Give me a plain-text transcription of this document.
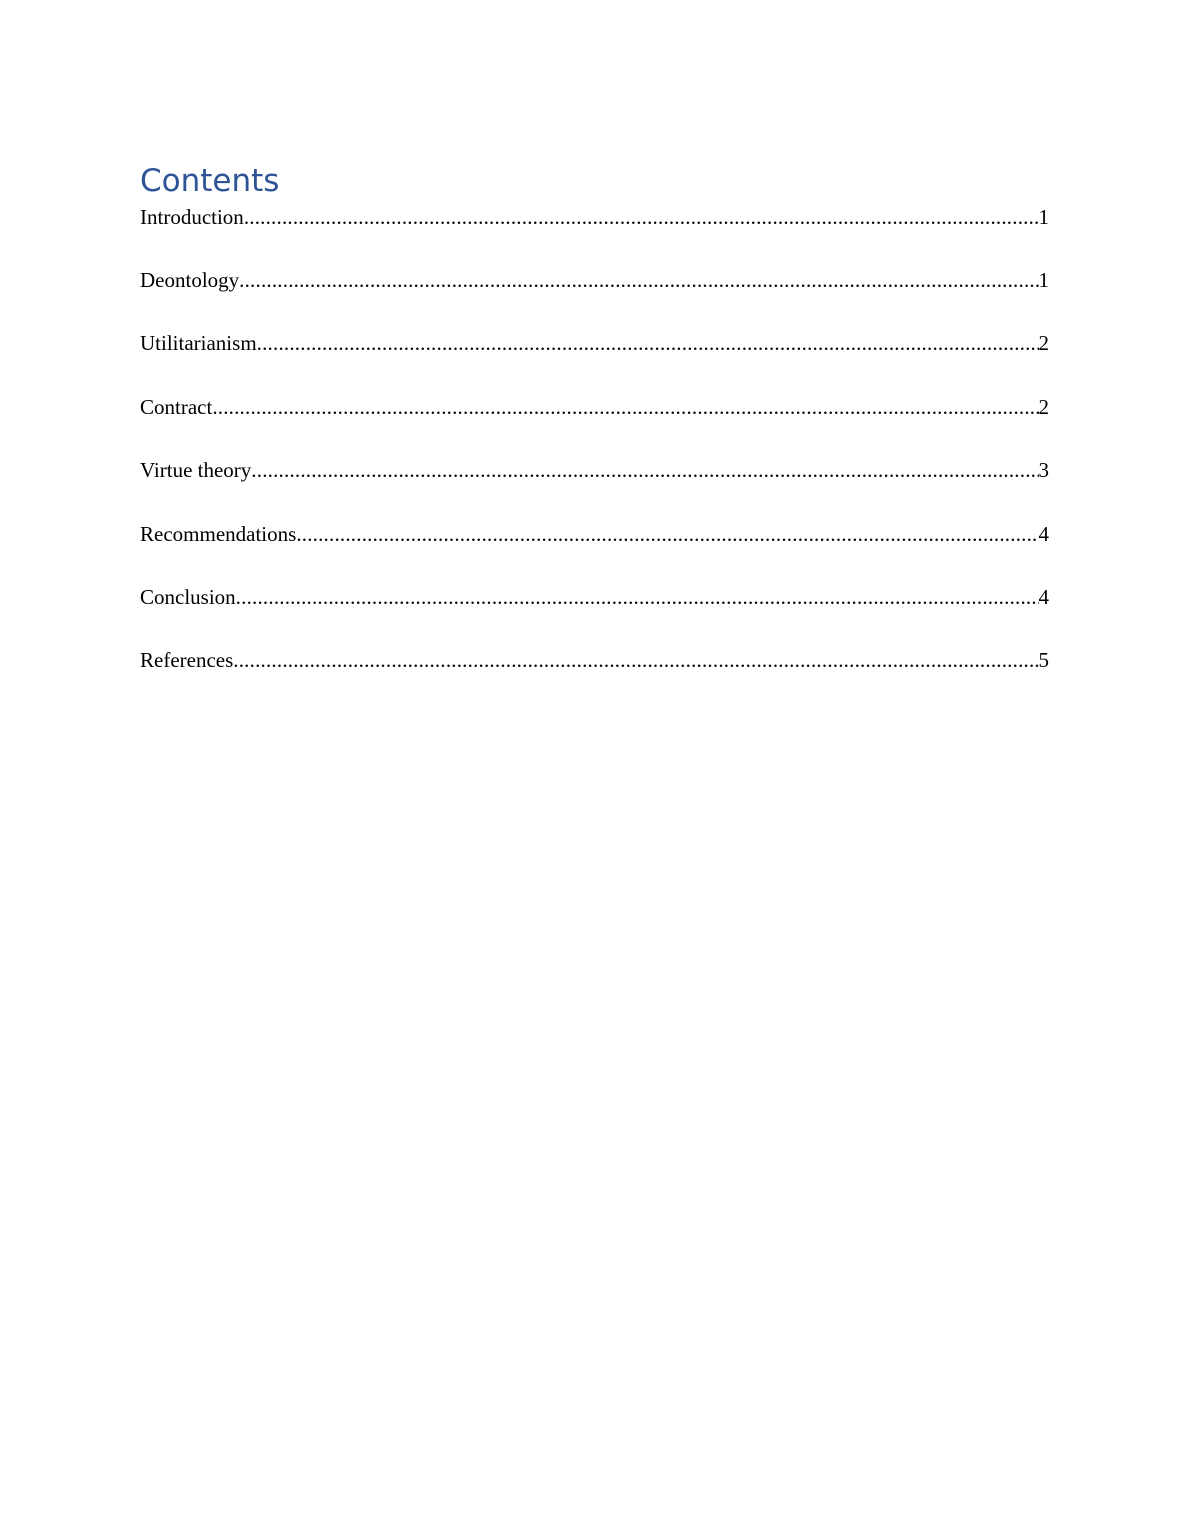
Contents
Introduction .....	1
Deontology .....	1
Utilitarianism .....	2
Contract .....	2
Virtue theory .....	3
Recommendations .....	4
Conclusion .....	4
References .....	5
